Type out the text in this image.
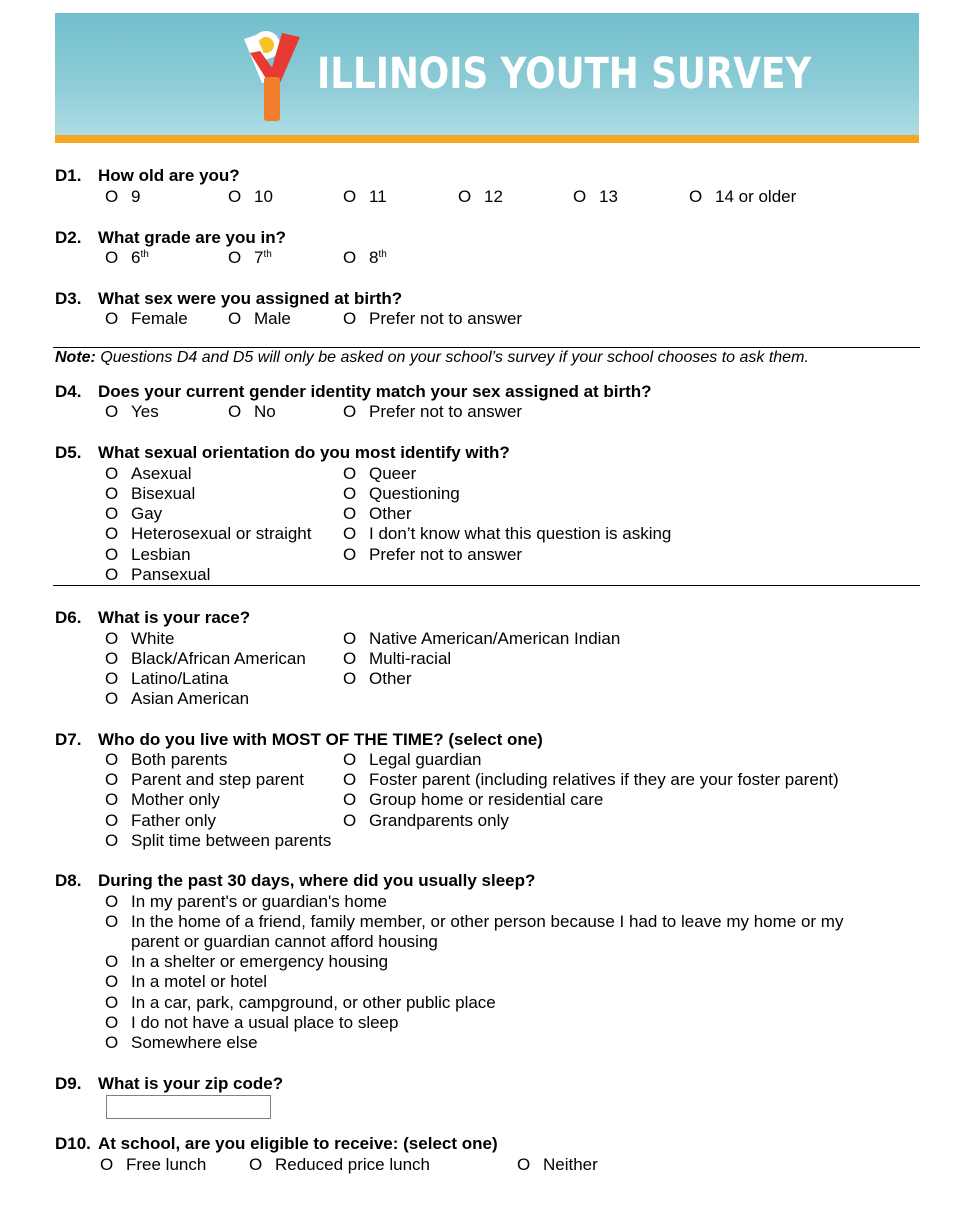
ILLINOIS YOUTH SURVEY
D1. How old are you?
O 9	O 10	O 11	O 12	O 13	O 14 or older
D2. What grade are you in?
O 6th	O 7th	O 8th
D3. What sex were you assigned at birth?
O Female O Male	O Prefer not to answer
Note: Questions D4 and D5 will only be asked on your school’s survey if your school chooses to ask them.
D4. Does your current gender identity match your sex assigned at birth?
O Yes	O No	O Prefer not to answer
D5. What sexual orientation do you most identify with?
O Asexual
O Bisexual
O Gay
O Heterosexual or straight
O Lesbian
O Pansexual
O Queer
O Questioning
O Other
O I don’t know what this question is asking
O Prefer not to answer
D6. What is your race?
O White
O Black/African American
O Latino/Latina
O Asian American
O Native American/American Indian
O Multi-racial
O Other
D7. Who do you live with MOST OF THE TIME? (select one)
O Both parents
O Parent and step parent
O Mother only
O Father only
O Split time between parents
O Legal guardian
O Foster parent (including relatives if they are your foster parent)
O Group home or residential care
O Grandparents only
D8. During the past 30 days, where did you usually sleep?
O In my parent's or guardian's home
O In the home of a friend, family member, or other person because I had to leave my home or my
parent or guardian cannot afford housing
O In a shelter or emergency housing
O In a motel or hotel
O In a car, park, campground, or other public place
O I do not have a usual place to sleep
O Somewhere else
D9. What is your zip code?
D10. At school, are you eligible to receive: (select one)
O Free lunch	O Reduced price lunch	O Neither
